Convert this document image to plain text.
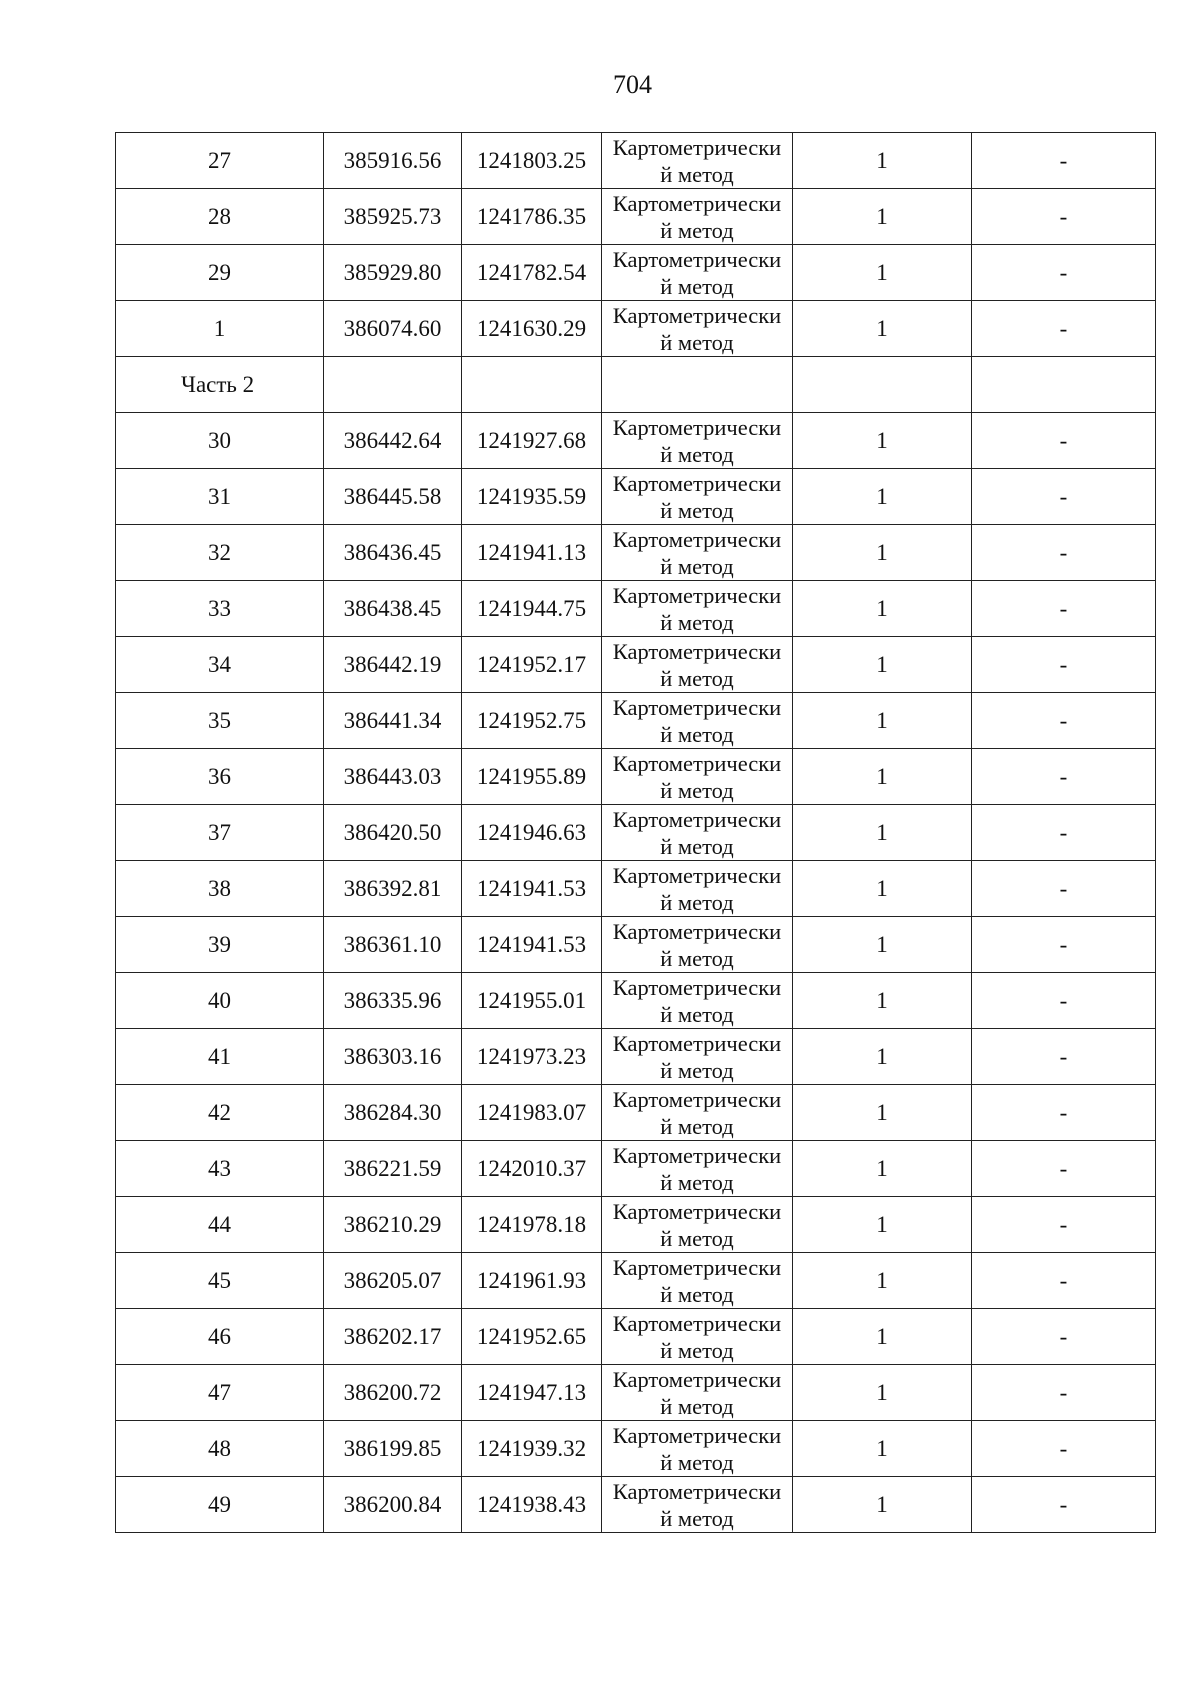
704
27	385916.56	1241803.25	Картометрически
й метод	1	-
28	385925.73	1241786.35	Картометрически
й метод	1	-
29	385929.80	1241782.54	Картометрически
й метод	1	-
1	386074.60	1241630.29	Картометрически
й метод	1	-
Часть 2					
30	386442.64	1241927.68	Картометрически
й метод	1	-
31	386445.58	1241935.59	Картометрически
й метод	1	-
32	386436.45	1241941.13	Картометрически
й метод	1	-
33	386438.45	1241944.75	Картометрически
й метод	1	-
34	386442.19	1241952.17	Картометрически
й метод	1	-
35	386441.34	1241952.75	Картометрически
й метод	1	-
36	386443.03	1241955.89	Картометрически
й метод	1	-
37	386420.50	1241946.63	Картометрически
й метод	1	-
38	386392.81	1241941.53	Картометрически
й метод	1	-
39	386361.10	1241941.53	Картометрически
й метод	1	-
40	386335.96	1241955.01	Картометрически
й метод	1	-
41	386303.16	1241973.23	Картометрически
й метод	1	-
42	386284.30	1241983.07	Картометрически
й метод	1	-
43	386221.59	1242010.37	Картометрически
й метод	1	-
44	386210.29	1241978.18	Картометрически
й метод	1	-
45	386205.07	1241961.93	Картометрически
й метод	1	-
46	386202.17	1241952.65	Картометрически
й метод	1	-
47	386200.72	1241947.13	Картометрически
й метод	1	-
48	386199.85	1241939.32	Картометрически
й метод	1	-
49	386200.84	1241938.43	Картометрически
й метод	1	-
